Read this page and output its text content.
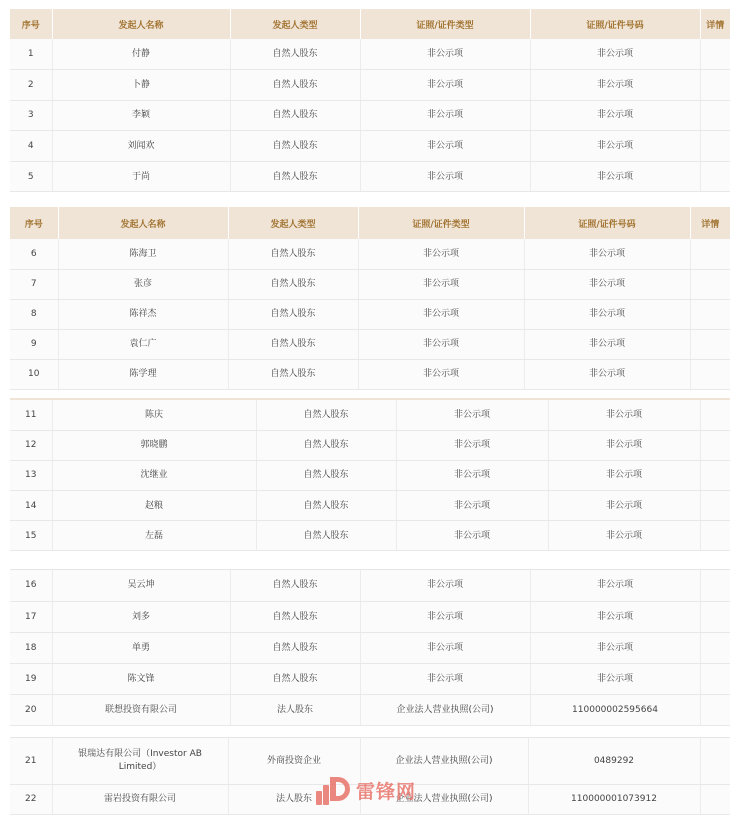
序号	发起人名称	发起人类型	证照/证件类型	证照/证件号码	详情
1	付静	自然人股东	非公示项	非公示项	
2	卜静	自然人股东	非公示项	非公示项	
3	李颖	自然人股东	非公示项	非公示项	
4	刘闻欢	自然人股东	非公示项	非公示项	
5	于尚	自然人股东	非公示项	非公示项	
序号	发起人名称	发起人类型	证照/证件类型	证照/证件号码	详情
6	陈海卫	自然人股东	非公示项	非公示项	
7	张彦	自然人股东	非公示项	非公示项	
8	陈祥杰	自然人股东	非公示项	非公示项	
9	袁仁广	自然人股东	非公示项	非公示项	
10	陈学理	自然人股东	非公示项	非公示项	
11	陈庆	自然人股东	非公示项	非公示项	
12	郭晓鹏	自然人股东	非公示项	非公示项	
13	沈继业	自然人股东	非公示项	非公示项	
14	赵粮	自然人股东	非公示项	非公示项	
15	左磊	自然人股东	非公示项	非公示项	
16	吴云坤	自然人股东	非公示项	非公示项	
17	刘多	自然人股东	非公示项	非公示项	
18	单勇	自然人股东	非公示项	非公示项	
19	陈文锋	自然人股东	非公示项	非公示项	
20	联想投资有限公司	法人股东	企业法人营业执照(公司)	110000002595664	
21	银瑞达有限公司（Investor AB Limited）	外商投资企业	企业法人营业执照(公司)	0489292	
22	雷岩投资有限公司	法人股东	企业法人营业执照(公司)	110000001073912	
雷锋网
